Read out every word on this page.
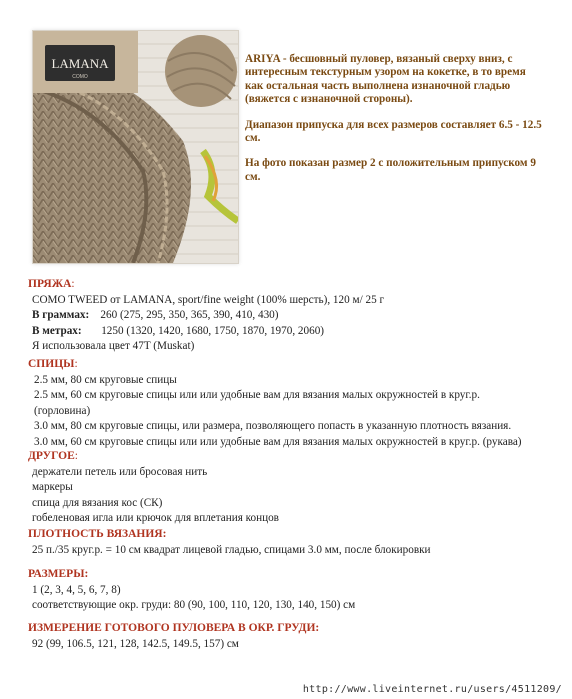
LAMANA
COMO

ARIYA - бесшовный пуловер, вязаный сверху вниз, с интересным текстурным узором на кокетке, в то время как остальная часть выполнена изнаночной гладью (вяжется с изнаночной стороны).

Диапазон припуска для всех размеров составляет 6.5 - 12.5 см.

На фото показан размер 2 с положительным припуском 9 см.

ПРЯЖА:
COMO TWEED от LAMANA, sport/fine weight (100% шерсть), 120 м/ 25 г
В граммах: 260 (275, 295, 350, 365, 390, 410, 430)
В метрах: 1250 (1320, 1420, 1680, 1750, 1870, 1970, 2060)
Я использовала цвет 47T (Muskat)
СПИЦЫ:
2.5 мм, 80 см круговые спицы
2.5 мм, 60 см круговые спицы или или удобные вам для вязания малых окружностей в круг.р.
(горловина)
3.0 мм, 80 см круговые спицы, или размера, позволяющего попасть в указанную плотность вязания.
3.0 мм, 60 см круговые спицы или или удобные вам для вязания малых окружностей в круг.р. (рукава)
ДРУГОЕ:
держатели петель или бросовая нить
маркеры
спица для вязания кос (СК)
гобеленовая игла или крючок для вплетания концов
ПЛОТНОСТЬ ВЯЗАНИЯ:
25 п./35 круг.р. = 10 см квадрат лицевой гладью, спицами 3.0 мм, после блокировки
РАЗМЕРЫ:
1 (2, 3, 4, 5, 6, 7, 8)
соответствующие окр. груди: 80 (90, 100, 110, 120, 130, 140, 150) см
ИЗМЕРЕНИЕ ГОТОВОГО ПУЛОВЕРА В ОКР. ГРУДИ:
92 (99, 106.5, 121, 128, 142.5, 149.5, 157) см
http://www.liveinternet.ru/users/4511209/
